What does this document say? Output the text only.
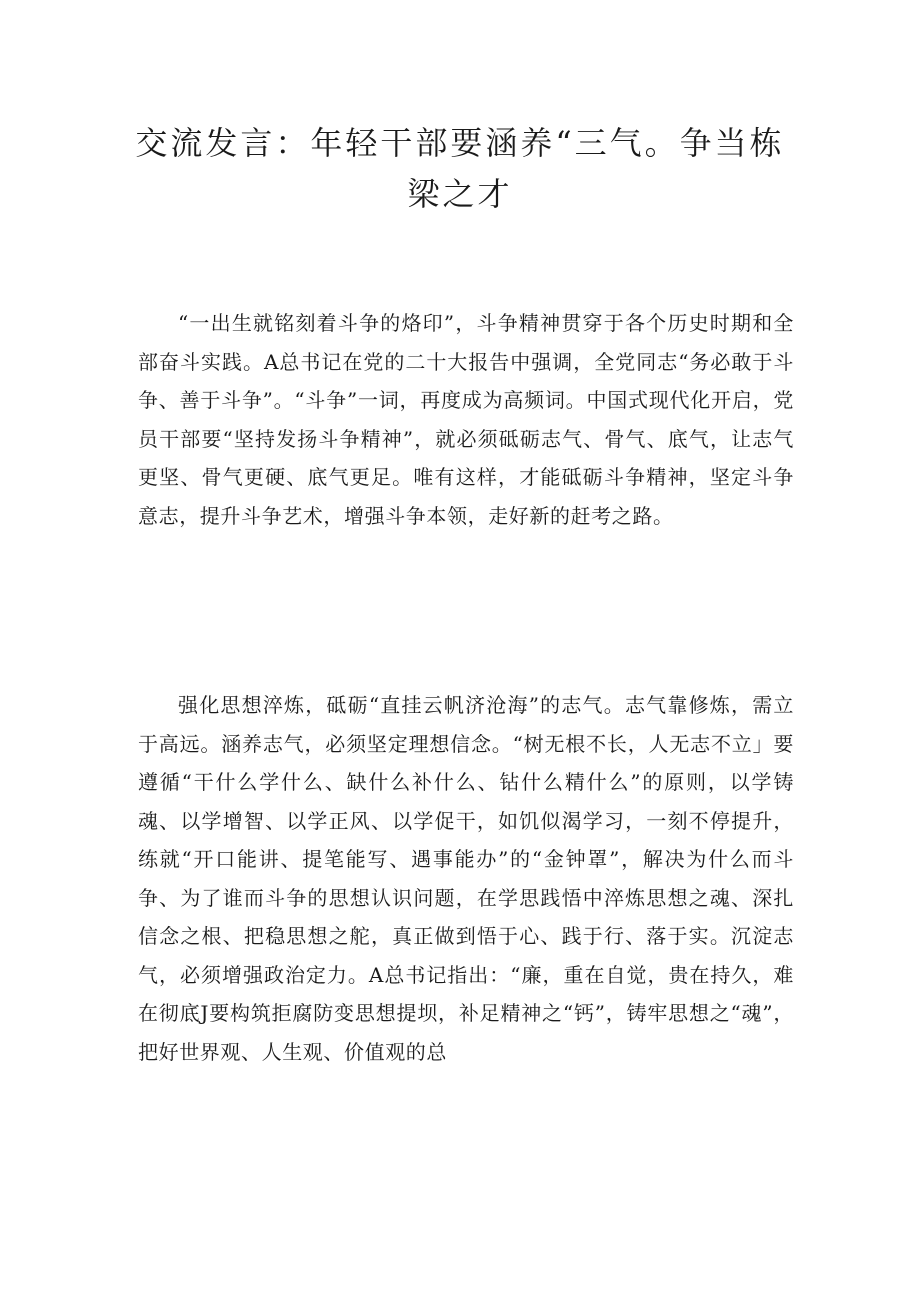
交流发言：年轻干部要涵养“三气。争当栋梁之才

“一出生就铭刻着斗争的烙印”，斗争精神贯穿于各个历史时期和全部奋斗实践。A总书记在党的二十大报告中强调，全党同志“务必敢于斗争、善于斗争”。“斗争”一词，再度成为高频词。中国式现代化开启，党员干部要“坚持发扬斗争精神”，就必须砥砺志气、骨气、底气，让志气更坚、骨气更硬、底气更足。唯有这样，才能砥砺斗争精神，坚定斗争意志，提升斗争艺术，增强斗争本领，走好新的赶考之路。

强化思想淬炼，砥砺“直挂云帆济沧海”的志气。志气靠修炼，需立于高远。涵养志气，必须坚定理想信念。“树无根不长，人无志不立」要遵循“干什么学什么、缺什么补什么、钻什么精什么”的原则，以学铸魂、以学增智、以学正风、以学促干，如饥似渴学习，一刻不停提升，练就“开口能讲、提笔能写、遇事能办”的“金钟罩”，解决为什么而斗争、为了谁而斗争的思想认识问题，在学思践悟中淬炼思想之魂、深扎信念之根、把稳思想之舵，真正做到悟于心、践于行、落于实。沉淀志气，必须增强政治定力。A总书记指出：“廉，重在自觉，贵在持久，难在彻底J要构筑拒腐防变思想提坝，补足精神之“钙”，铸牢思想之“魂”，把好世界观、人生观、价值观的总
